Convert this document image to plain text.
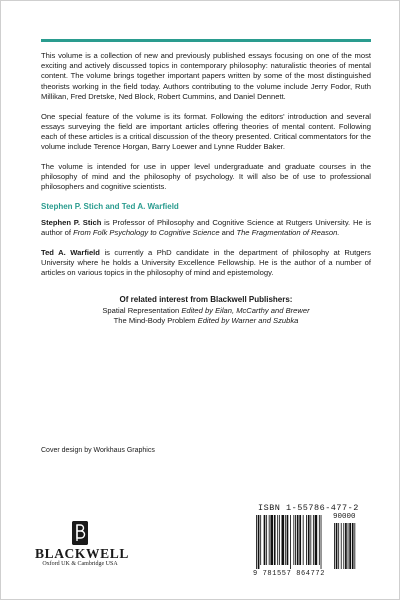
This volume is a collection of new and previously published essays focusing on one of the most exciting and actively discussed topics in contemporary philosophy: naturalistic theories of mental content. The volume brings together important papers written by some of the most distinguished theorists working in the field today. Authors contributing to the volume include Jerry Fodor, Ruth Millikan, Fred Dretske, Ned Block, Robert Cummins, and Daniel Dennett.

One special feature of the volume is its format. Following the editors' introduction and several essays surveying the field are important articles offering theories of mental content. Following each of these articles is a critical discussion of the theory presented. Critical commentators for the volume include Terence Horgan, Barry Loewer and Lynne Rudder Baker.

The volume is intended for use in upper level undergraduate and graduate courses in the philosophy of mind and the philosophy of psychology. It will also be of use to professional philosophers and cognitive scientists.

Stephen P. Stich and Ted A. Warfield

Stephen P. Stich is Professor of Philosophy and Cognitive Science at Rutgers University. He is author of From Folk Psychology to Cognitive Science and The Fragmentation of Reason.

Ted A. Warfield is currently a PhD candidate in the department of philosophy at Rutgers University where he holds a University Excellence Fellowship. He is the author of a number of articles on various topics in the philosophy of mind and epistemology.

Of related interest from Blackwell Publishers:
Spatial Representation Edited by Eilan, McCarthy and Brewer
The Mind-Body Problem Edited by Warner and Szubka
Cover design by Workhaus Graphics
BLACKWELL
Oxford UK & Cambridge USA
ISBN 1-55786-477-2
90000
9 781557 864772
